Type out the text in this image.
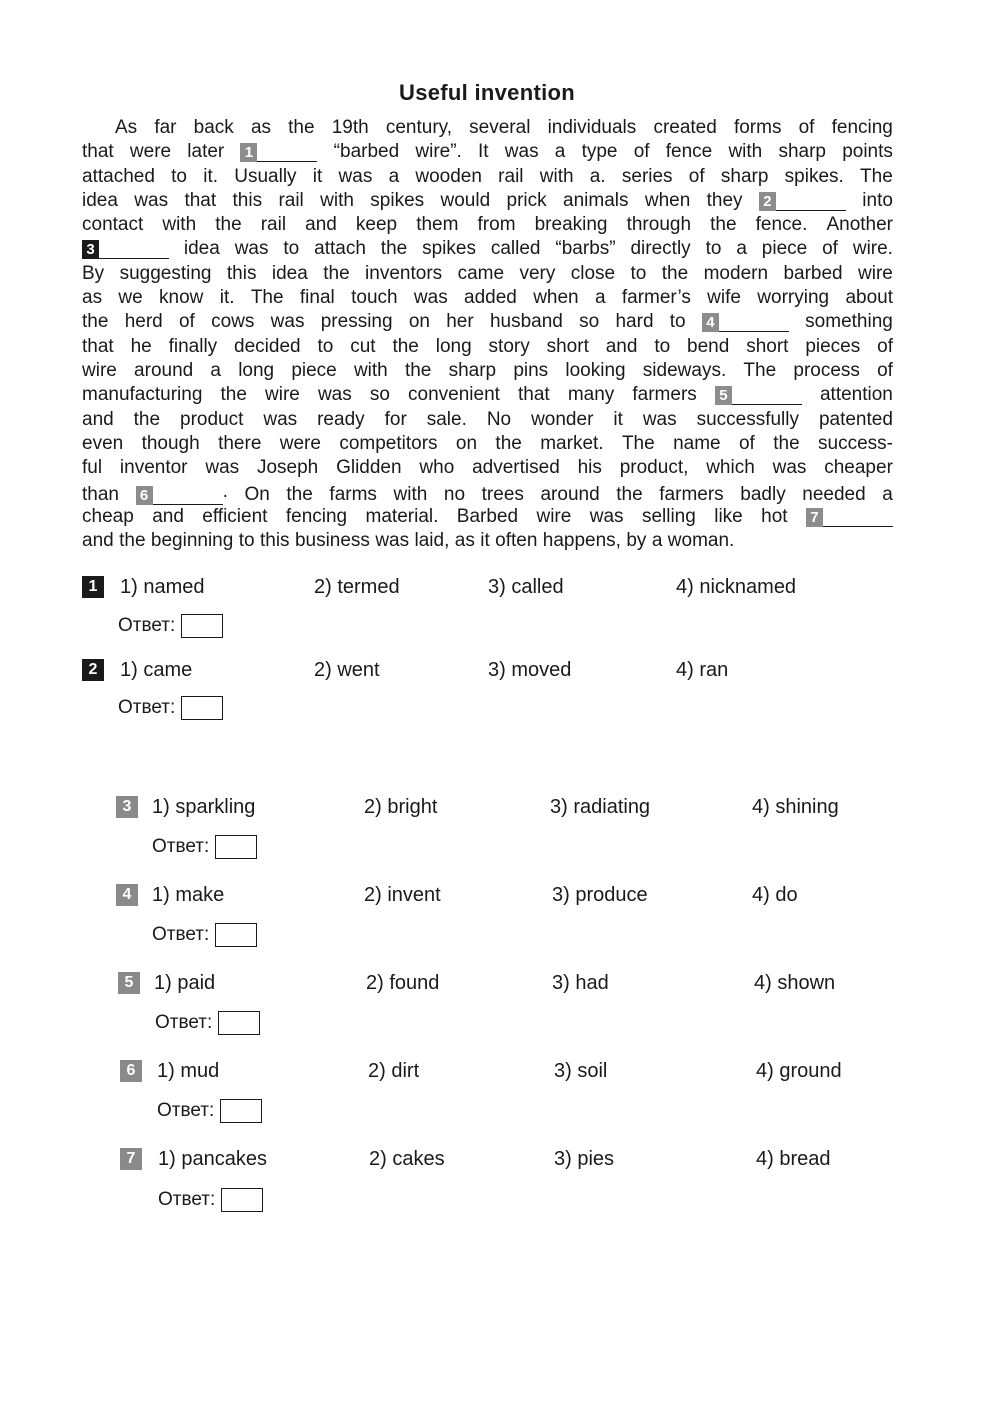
Useful invention
As far back as the 19th century, several individuals created forms of fencing
that were later 1	“barbed wire”. It was a type of fence with sharp points
attached to it. Usually it was a wooden rail with a. series of sharp spikes. The
idea was that this rail with spikes would prick animals when they 2	into
contact with the rail and keep them from breaking through the fence. Another
3	idea was to attach the spikes called “barbs” directly to a piece of wire.
By suggesting this idea the inventors came very close to the modern barbed wire
as we know it. The final touch was added when a farmer’s wife worrying about
the herd of cows was pressing on her husband so hard to 4	something
that he finally decided to cut the long story short and to bend short pieces of
wire around a long piece with the sharp pins looking sideways. The process of
manufacturing the wire was so convenient that many farmers 5	attention
and the product was ready for sale. No wonder it was successfully patented
even though there were competitors on the market. The name of the success-
ful inventor was Joseph Glidden who advertised his product, which was cheaper
than 6	. On the farms with no trees around the farmers badly needed a
cheap and efficient fencing material. Barbed wire was selling like hot 7
and the beginning to this business was laid, as it often happens, by a woman.
1	1) named	2) termed	3) called	4) nicknamed
Ответ:
2	1) came	2) went	3) moved	4) ran
Ответ:
3	1) sparkling	2) bright	3) radiating	4) shining
Ответ:
4	1) make	2) invent	3) produce	4) do
Ответ:
5	1) paid	2) found	3) had	4) shown
Ответ:
6	1) mud	2) dirt	3) soil	4) ground
Ответ:
7	1) pancakes	2) cakes	3) pies	4) bread
Ответ:
